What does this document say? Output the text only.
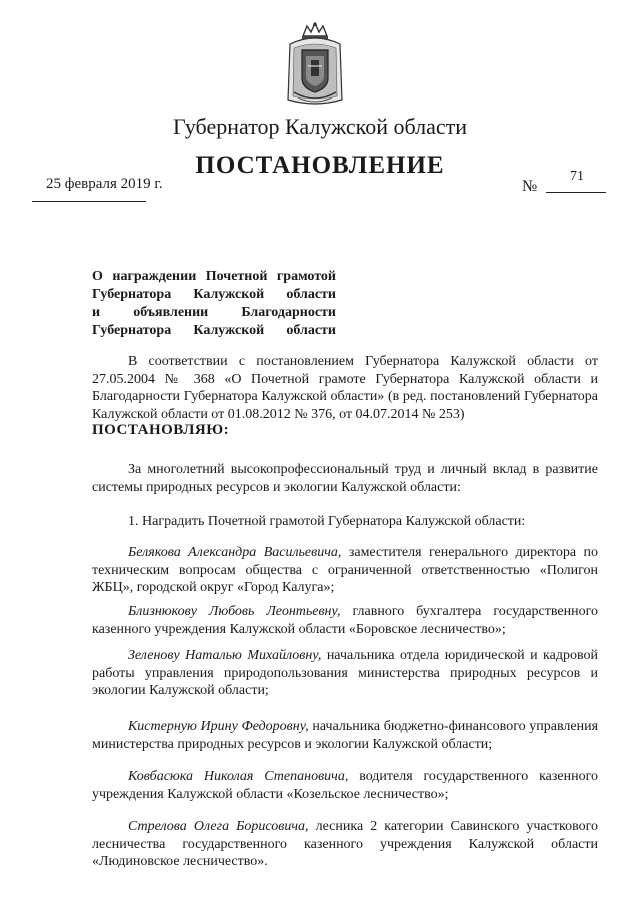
Губернатор Калужской области
ПОСТАНОВЛЕНИЕ
25 февраля 2019 г.	№
71
О награждении Почетной грамотой
Губернатора Калужской области
и объявлении Благодарности
Губернатора Калужской области
В соответствии с постановлением Губернатора Калужской области от 27.05.2004 № 368 «О Почетной грамоте Губернатора Калужской области и Благодарности Губернатора Калужской области» (в ред. постановлений Губернатора Калужской области от 01.08.2012 № 376, от 04.07.2014 № 253)
ПОСТАНОВЛЯЮ:
За многолетний высокопрофессиональный труд и личный вклад в развитие системы природных ресурсов и экологии Калужской области:
1. Наградить Почетной грамотой Губернатора Калужской области:
Белякова Александра Васильевича, заместителя генерального директора по техническим вопросам общества с ограниченной ответственностью «Полигон ЖБЦ», городской округ «Город Калуга»;
Близнюкову Любовь Леонтьевну, главного бухгалтера государственного казенного учреждения Калужской области «Боровское лесничество»;
Зеленову Наталью Михайловну, начальника отдела юридической и кадровой работы управления природопользования министерства природных ресурсов и экологии Калужской области;
Кистерную Ирину Федоровну, начальника бюджетно-финансового управления министерства природных ресурсов и экологии Калужской области;
Ковбасюка Николая Степановича, водителя государственного казенного учреждения Калужской области «Козельское лесничество»;
Стрелова Олега Борисовича, лесника 2 категории Савинского участкового лесничества государственного казенного учреждения Калужской области «Людиновское лесничество».
